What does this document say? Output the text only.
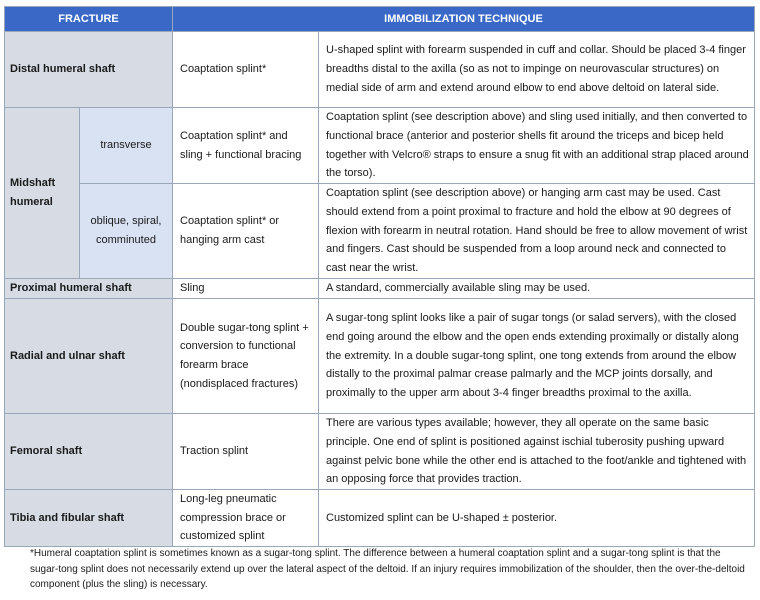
FRACTURE		IMMOBILIZATION TECHNIQUE	
Distal humeral shaft		Coaptation splint*	U-shaped splint with forearm suspended in cuff and collar. Should be placed 3-4 finger breadths distal to the axilla (so as not to impinge on neurovascular structures) on medial side of arm and extend around elbow to end above deltoid on lateral side.
Midshaft humeral	transverse	Coaptation splint* and sling + functional bracing	Coaptation splint (see description above) and sling used initially, and then converted to functional brace (anterior and posterior shells fit around the triceps and bicep held together with Velcro® straps to ensure a snug fit with an additional strap placed around the torso).
	oblique, spiral, comminuted	Coaptation splint* or hanging arm cast	Coaptation splint (see description above) or hanging arm cast may be used. Cast should extend from a point proximal to fracture and hold the elbow at 90 degrees of flexion with forearm in neutral rotation. Hand should be free to allow movement of wrist and fingers. Cast should be suspended from a loop around neck and connected to cast near the wrist.
Proximal humeral shaft		Sling	A standard, commercially available sling may be used.
Radial and ulnar shaft		Double sugar-tong splint + conversion to functional forearm brace (nondisplaced fractures)	A sugar-tong splint looks like a pair of sugar tongs (or salad servers), with the closed end going around the elbow and the open ends extending proximally or distally along the extremity. In a double sugar-tong splint, one tong extends from around the elbow distally to the proximal palmar crease palmarly and the MCP joints dorsally, and proximally to the upper arm about 3-4 finger breadths proximal to the axilla.
Femoral shaft		Traction splint	There are various types available; however, they all operate on the same basic principle. One end of splint is positioned against ischial tuberosity pushing upward against pelvic bone while the other end is attached to the foot/ankle and tightened with an opposing force that provides traction.
Tibia and fibular shaft		Long-leg pneumatic compression brace or customized splint	Customized splint can be U-shaped ± posterior.
*Humeral coaptation splint is sometimes known as a sugar-tong splint. The difference between a humeral coaptation splint and a sugar-tong splint is that the sugar-tong splint does not necessarily extend up over the lateral aspect of the deltoid. If an injury requires immobilization of the shoulder, then the over-the-deltoid component (plus the sling) is necessary.
